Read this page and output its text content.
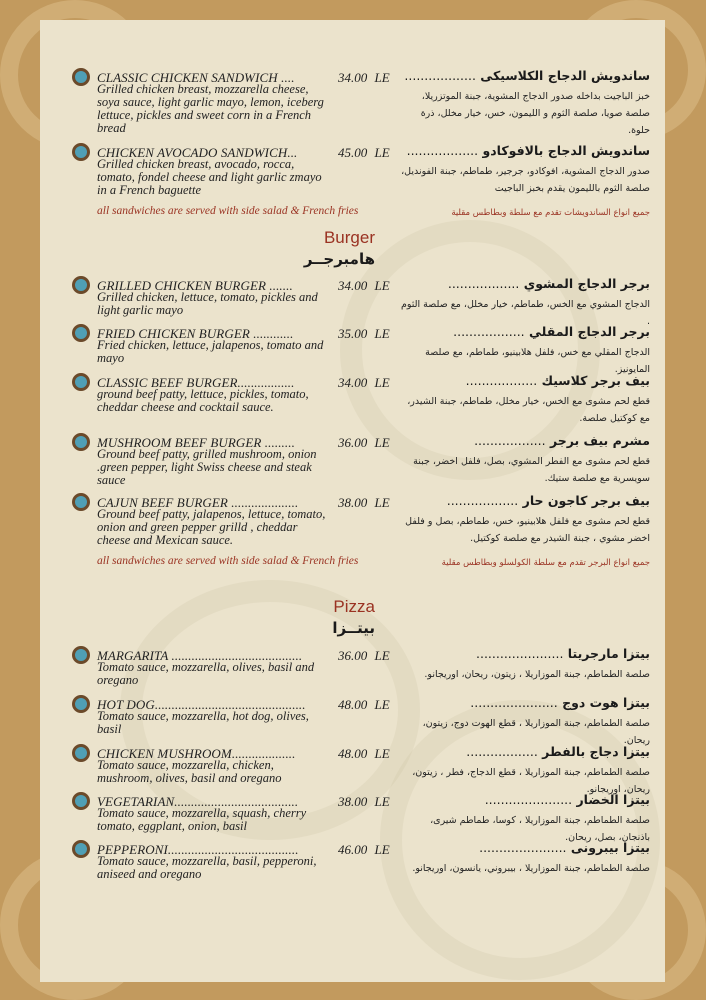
CLASSIC CHICKEN SANDWICH ....	34.00 LE
Grilled chicken breast, mozzarella cheese, soya sauce, light garlic mayo, lemon, iceberg lettuce, pickles and sweet corn in a French bread
ساندويش الدجاج الكلاسيكى ..................
خبز الباجيت بداخله صدور الدجاج المشوية، جبنة الموتزريلا، صلصة صويا، صلصة الثوم و الليمون، خس، خيار مخلل، ذرة حلوة.
CHICKEN AVOCADO SANDWICH...	45.00 LE
Grilled chicken breast, avocado, rocca, tomato, fondel cheese and light garlic zmayo in a French baguette
ساندويش الدجاج بالافوكادو ..................
صدور الدجاج المشوية، افوكادو، جرجير، طماطم، جبنة الفونديل، صلصة الثوم بالليمون يقدم بخبز الباجيت
all sandwiches are served with side salad & French fries	جميع انواع الساندويشات تقدم مع سلطة وبطاطس مقلية
Burger
هامبرجــر
GRILLED CHICKEN BURGER .......	34.00 LE
Grilled chicken, lettuce, tomato, pickles and light garlic mayo
برجر الدجاج المشوي ..................
الدجاج المشوي مع الخس، طماطم، خيار مخلل، مع صلصة الثوم .
FRIED CHICKEN BURGER ............	35.00 LE
Fried chicken, lettuce, jalapenos, tomato and mayo
برجر الدجاج المقلي ..................
الدجاج المقلي مع خس، فلفل هلابينيو، طماطم، مع صلصة المايونيز.
CLASSIC BEEF BURGER.................	34.00 LE
ground beef patty, lettuce, pickles, tomato, cheddar cheese and cocktail sauce.
بيف برجر كلاسيك ..................
قطع لحم مشوى مع الخس، خيار مخلل، طماطم، جبنة الشيدر، مع كوكتيل صلصة.
MUSHROOM BEEF BURGER .........	36.00 LE
Ground beef patty, grilled mushroom, onion .green pepper, light Swiss cheese and steak sauce
مشرم بيف برجر ..................
قطع لحم مشوى مع الفطر المشوي، بصل، فلفل اخضر، جبنة سويسرية مع صلصة ستيك.
CAJUN BEEF BURGER ....................	38.00 LE
Ground beef patty, jalapenos, lettuce, tomato, onion and green pepper grilld , cheddar cheese and Mexican sauce.
بيف برجر كاجون حار ..................
قطع لحم مشوى مع فلفل هلابينيو، خس، طماطم، بصل و فلفل اخضر مشوي ، جبنة الشيدر مع صلصة كوكتيل.
all sandwiches are served with side salad & French fries	جميع انواع البرجر تقدم مع سلطة الكولسلو وبطاطس مقلية
Pizza
بيتــزا
MARGARITA .......................................	36.00 LE
Tomato sauce, mozzarella, olives, basil and oregano
بيتزا مارجريتا ......................
صلصة الطماطم، جبنة الموزاريلا ، زيتون، ريحان، اوريجانو.
HOT DOG............................................. 48.00 LE
Tomato sauce, mozzarella, hot dog, olives, basil
بيتزا هوت دوج ......................
صلصة الطماطم، جبنة الموزاريلا ، قطع الهوت دوج، زيتون، ريحان.
CHICKEN MUSHROOM...................	48.00 LE
Tomato sauce, mozzarella, chicken, mushroom, olives, basil and oregano
بيتزا دجاج بالفطر ..................
صلصة الطماطم، جبنة الموزاريلا ، قطع الدجاج، فطر ، زيتون، ريحان، اوريجانو.
VEGETARIAN.....................................	38.00 LE
Tomato sauce, mozzarella, squash, cherry tomato, eggplant, onion, basil
بيتزا الخضار ......................
صلصة الطماطم، جبنة الموزاريلا ، كوسا، طماطم شيرى، باذنجان، بصل، ريحان.
PEPPERONI.......................................	46.00 LE
Tomato sauce, mozzarella, basil, pepperoni, aniseed and oregano
بيتزا بيبرونى ......................
صلصة الطماطم، جبنة الموزاريلا ، بيبروني، يانسون، اوريجانو.
